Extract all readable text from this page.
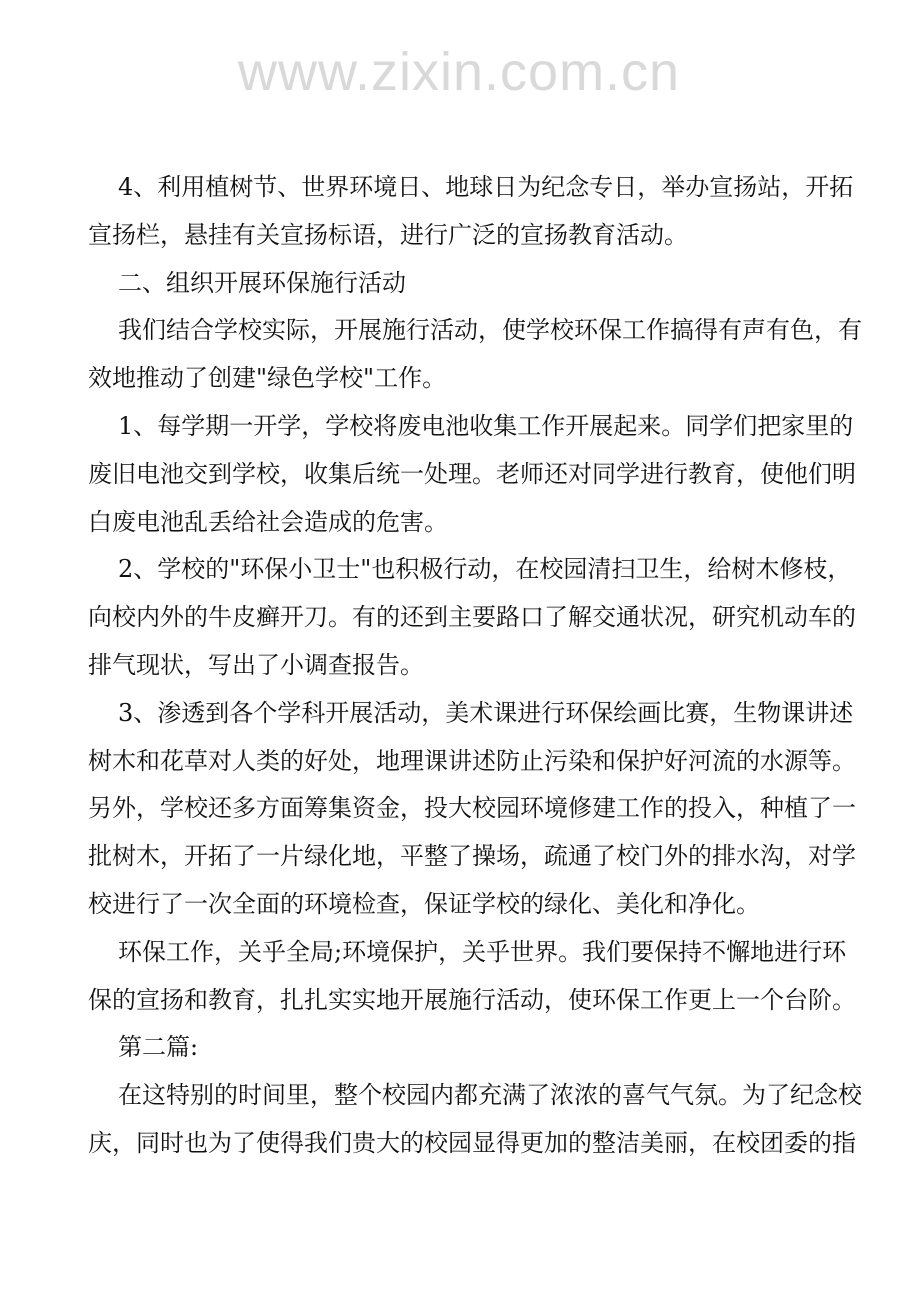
www.zixin.com.cn
4、利用植树节、世界环境日、地球日为纪念专日，举办宣扬站，开拓
宣扬栏，悬挂有关宣扬标语，进行广泛的宣扬教育活动。
二、组织开展环保施行活动
我们结合学校实际，开展施行活动，使学校环保工作搞得有声有色，有
效地推动了创建"绿色学校"工作。
1、每学期一开学，学校将废电池收集工作开展起来。同学们把家里的
废旧电池交到学校，收集后统一处理。老师还对同学进行教育，使他们明
白废电池乱丢给社会造成的危害。
2、学校的"环保小卫士"也积极行动，在校园清扫卫生，给树木修枝，
向校内外的牛皮癣开刀。有的还到主要路口了解交通状况，研究机动车的
排气现状，写出了小调查报告。
3、渗透到各个学科开展活动，美术课进行环保绘画比赛，生物课讲述
树木和花草对人类的好处，地理课讲述防止污染和保护好河流的水源等。
另外，学校还多方面筹集资金，投大校园环境修建工作的投入，种植了一
批树木，开拓了一片绿化地，平整了操场，疏通了校门外的排水沟，对学
校进行了一次全面的环境检查，保证学校的绿化、美化和净化。
环保工作，关乎全局;环境保护，关乎世界。我们要保持不懈地进行环
保的宣扬和教育，扎扎实实地开展施行活动，使环保工作更上一个台阶。
第二篇:
在这特别的时间里，整个校园内都充满了浓浓的喜气气氛。为了纪念校
庆，同时也为了使得我们贵大的校园显得更加的整洁美丽，在校团委的指
